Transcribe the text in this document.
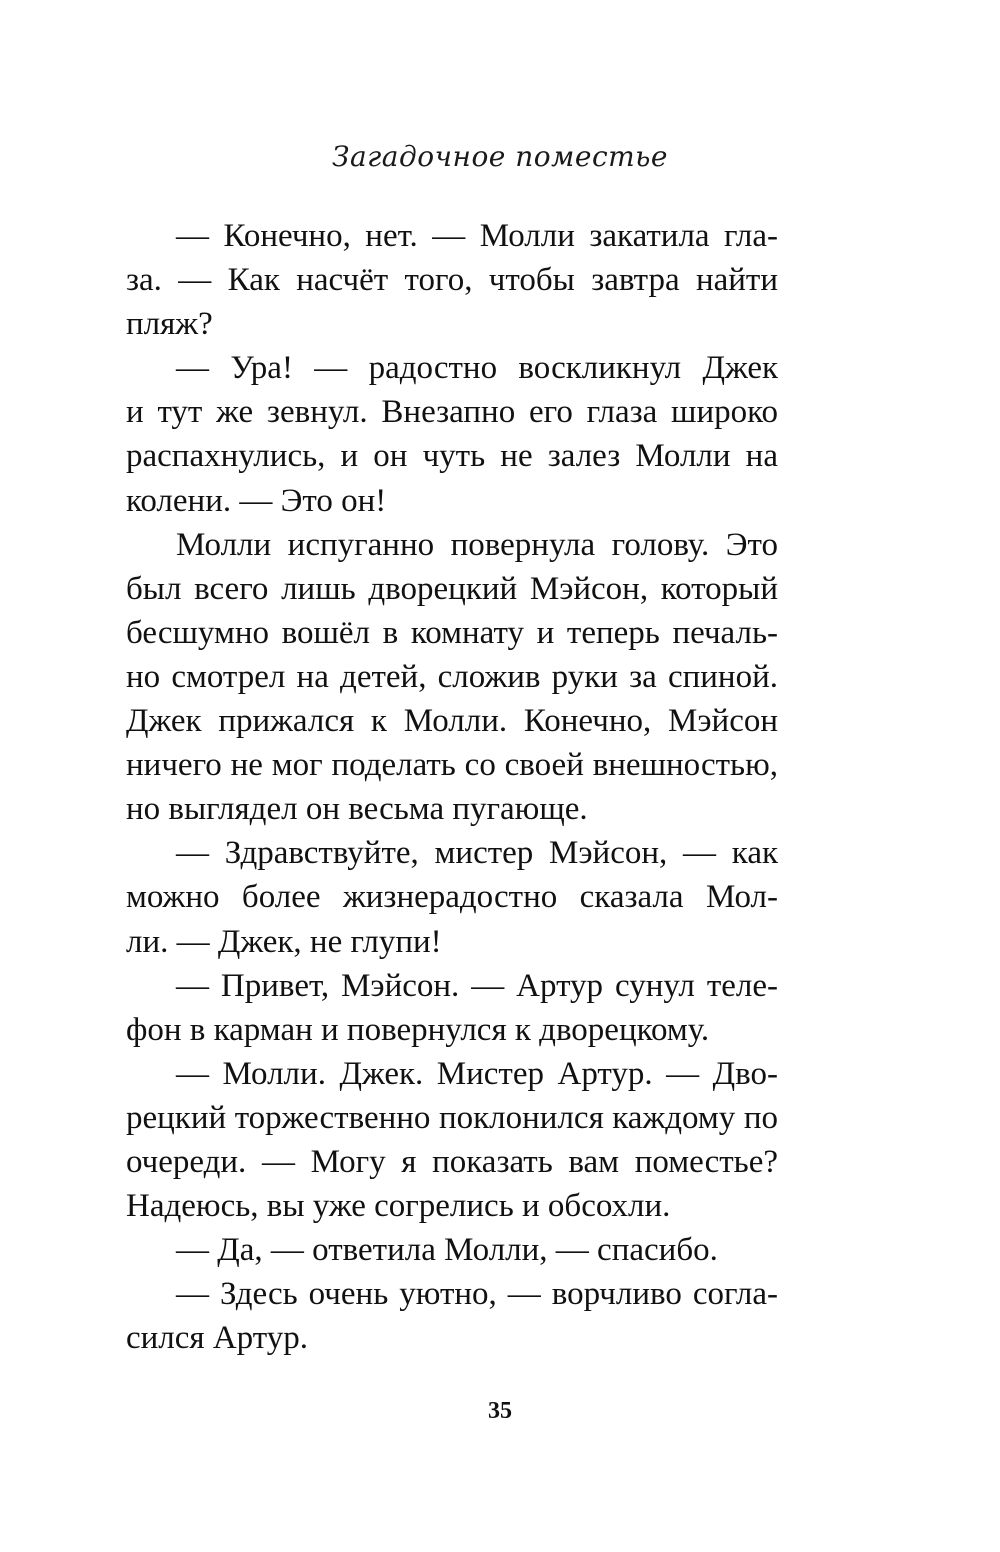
Загадочное поместье
— Конечно, нет. — Молли закатила гла-
за. — Как насчёт того, чтобы завтра найти
пляж?
— Ура! — радостно воскликнул Джек
и тут же зевнул. Внезапно его глаза широко
распахнулись, и он чуть не залез Молли на
колени. — Это он!
Молли испуганно повернула голову. Это
был всего лишь дворецкий Мэйсон, который
бесшумно вошёл в комнату и теперь печаль-
но смотрел на детей, сложив руки за спиной.
Джек прижался к Молли. Конечно, Мэйсон
ничего не мог поделать со своей внешностью,
но выглядел он весьма пугающе.
— Здравствуйте, мистер Мэйсон, — как
можно более жизнерадостно сказала Мол-
ли. — Джек, не глупи!
— Привет, Мэйсон. — Артур сунул теле-
фон в карман и повернулся к дворецкому.
— Молли. Джек. Мистер Артур. — Дво-
рецкий торжественно поклонился каждому по
очереди. — Могу я показать вам поместье?
Надеюсь, вы уже согрелись и обсохли.
— Да, — ответила Молли, — спасибо.
— Здесь очень уютно, — ворчливо согла-
сился Артур.
35
